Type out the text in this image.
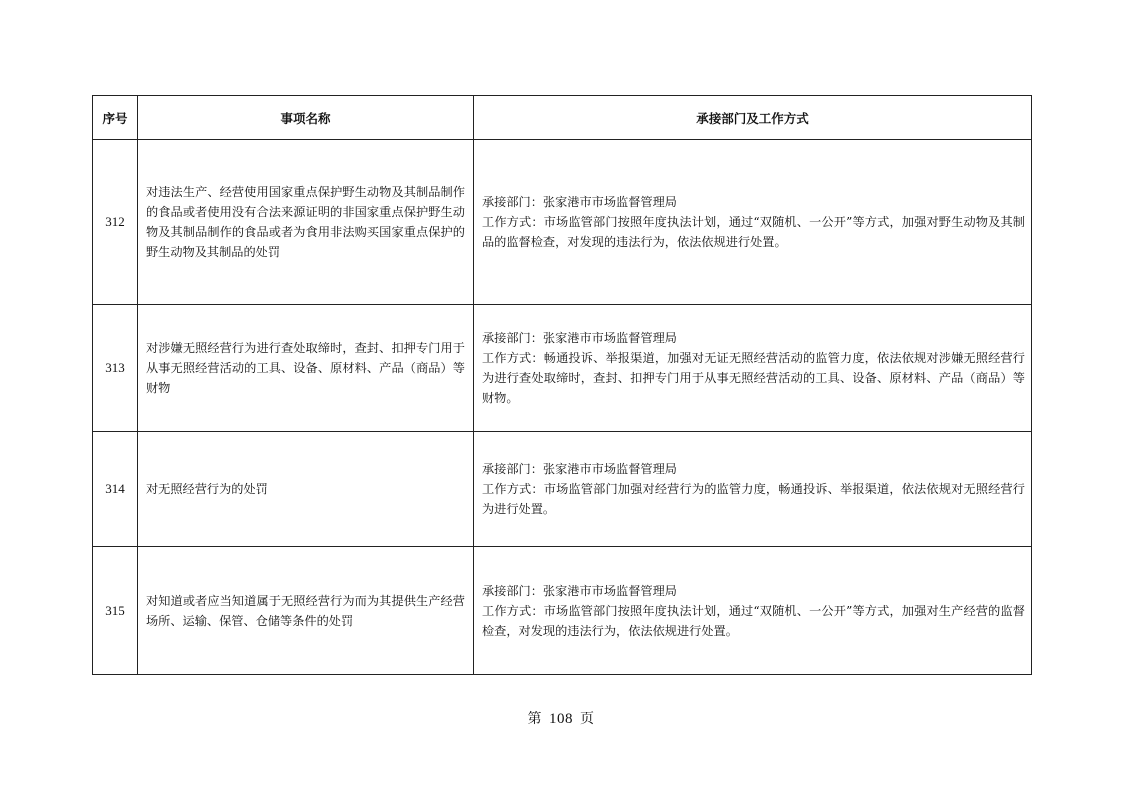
序号	事项名称	承接部门及工作方式
312	对违法生产、经营使用国家重点保护野生动物及其制品制作的食品或者使用没有合法来源证明的非国家重点保护野生动物及其制品制作的食品或者为食用非法购买国家重点保护的野生动物及其制品的处罚	承接部门：张家港市市场监督管理局
工作方式：市场监管部门按照年度执法计划，通过“双随机、一公开”等方式，加强对野生动物及其制品的监督检查，对发现的违法行为，依法依规进行处置。

313	对涉嫌无照经营行为进行查处取缔时，查封、扣押专门用于从事无照经营活动的工具、设备、原材料、产品（商品）等财物	承接部门：张家港市市场监督管理局
工作方式：畅通投诉、举报渠道，加强对无证无照经营活动的监管力度，依法依规对涉嫌无照经营行为进行查处取缔时，查封、扣押专门用于从事无照经营活动的工具、设备、原材料、产品（商品）等财物。

314	对无照经营行为的处罚	承接部门：张家港市市场监督管理局
工作方式：市场监管部门加强对经营行为的监管力度，畅通投诉、举报渠道，依法依规对无照经营行为进行处置。

315	对知道或者应当知道属于无照经营行为而为其提供生产经营场所、运输、保管、仓储等条件的处罚	承接部门：张家港市市场监督管理局
工作方式：市场监管部门按照年度执法计划，通过“双随机、一公开”等方式，加强对生产经营的监督检查，对发现的违法行为，依法依规进行处置。
第 108 页
